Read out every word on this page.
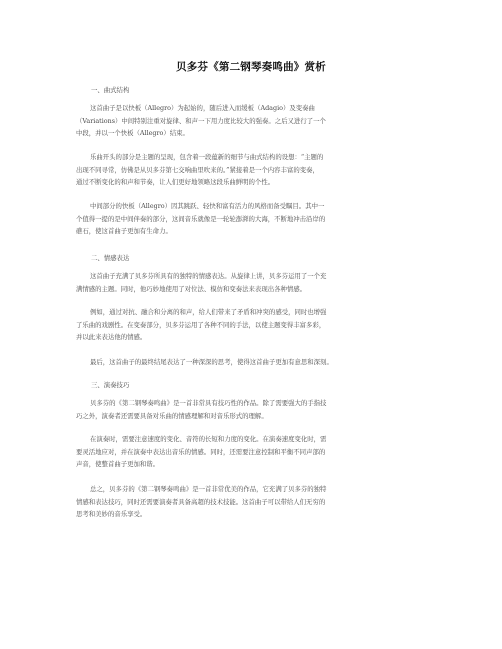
贝多芬《第二钢琴奏鸣曲》赏析
一、曲式结构
这首曲子是以快板（Allegro）为起始的，随后进入而缓板（Adagio）及变奏曲
（Variations）中间特别注重对旋律、和声一下用力度比较大的强奏。之后又进行了一个
中段，并以一个快板（Allegro）结束。
乐曲开头的部分是主题的呈现，包含着一段蕴新的细节与曲式结构的设想：“主题的
出现不同寻常，仿佛是从贝多芬第七交响曲里吹来的。”紧接着是一个内容丰富的变奏，
通过不断变化的和声和节奏，让人们更好地领略这段乐曲鲜明的个性。
中间部分的快板（Allegro）因其跳跃、轻快和富有活力的风格而备受瞩目。其中一
个值得一提的是中间伴奏的部分，这间音乐就像是一轮轮澎湃的大海，不断地冲击沿岸的
礁石，使这首曲子更加有生命力。
二、情感表达
这首曲子充满了贝多芬所具有的独特的情感表达。从旋律上讲，贝多芬运用了一个充
满情感的主题。同时，他巧妙地使用了对位法、模仿和变奏法来表现出各种情感。
例如，通过对抗、融合和分离的和声，给人们带来了矛盾和冲突的感受，同时也增强
了乐曲的戏剧性。在变奏部分，贝多芬运用了各种不同的手法，以使主题变得丰富多彩，
并以此来表达他的情感。
最后，这首曲子的最终结尾表达了一种深深的思考，使得这首曲子更加有意思和深刻。
三、演奏技巧
贝多芬的《第二钢琴奏鸣曲》是一首非常具有技巧性的作品。除了需要强大的手指技
巧之外，演奏者还需要具备对乐曲的情感理解和对音乐形式的理解。
在演奏时，需要注意速度的变化、音符的长短和力度的变化。在演奏速度变化时，需
要灵活地应对，并在演奏中表达出音乐的情感。同时，还需要注意控制和平衡不同声部的
声音，使整首曲子更加和谐。
总之，贝多芬的《第二钢琴奏鸣曲》是一首非常优美的作品，它充满了贝多芬的独特
情感和表达技巧，同时还需要演奏者具备高超的技术技能。这首曲子可以带给人们无穷的
思考和美妙的音乐享受。
